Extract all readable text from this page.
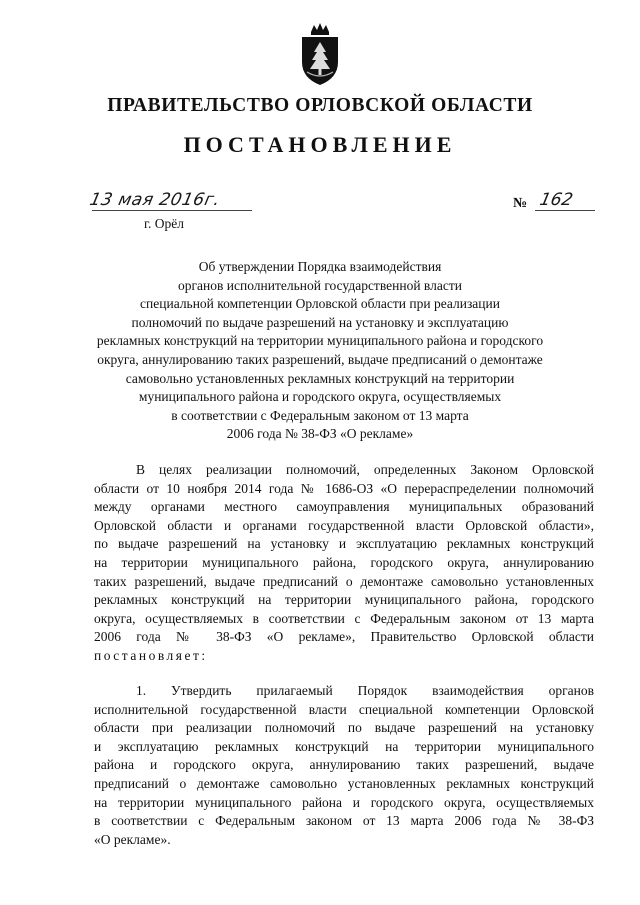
ПРАВИТЕЛЬСТВО ОРЛОВСКОЙ ОБЛАСТИ
ПОСТАНОВЛЕНИЕ
13 мая 2016г.
г. Орёл
№ 162
Об утверждении Порядка взаимодействия
органов исполнительной государственной власти
специальной компетенции Орловской области при реализации
полномочий по выдаче разрешений на установку и эксплуатацию
рекламных конструкций на территории муниципального района и городского
округа, аннулированию таких разрешений, выдаче предписаний о демонтаже
самовольно установленных рекламных конструкций на территории
муниципального района и городского округа, осуществляемых
в соответствии с Федеральным законом от 13 марта
2006 года № 38-ФЗ «О рекламе»
В целях реализации полномочий, определенных Законом Орловской
области от 10 ноября 2014 года № 1686-ОЗ «О перераспределении полномочий
между органами местного самоуправления муниципальных образований
Орловской области и органами государственной власти Орловской области»,
по выдаче разрешений на установку и эксплуатацию рекламных конструкций
на территории муниципального района, городского округа, аннулированию
таких разрешений, выдаче предписаний о демонтаже самовольно установленных
рекламных конструкций на территории муниципального района, городского
округа, осуществляемых в соответствии с Федеральным законом от 13 марта
2006 года № 38-ФЗ «О рекламе», Правительство Орловской области
постановляет:
1. Утвердить прилагаемый Порядок взаимодействия органов
исполнительной государственной власти специальной компетенции Орловской
области при реализации полномочий по выдаче разрешений на установку
и эксплуатацию рекламных конструкций на территории муниципального
района и городского округа, аннулированию таких разрешений, выдаче
предписаний о демонтаже самовольно установленных рекламных конструкций
на территории муниципального района и городского округа, осуществляемых
в соответствии с Федеральным законом от 13 марта 2006 года № 38-ФЗ
«О рекламе».
